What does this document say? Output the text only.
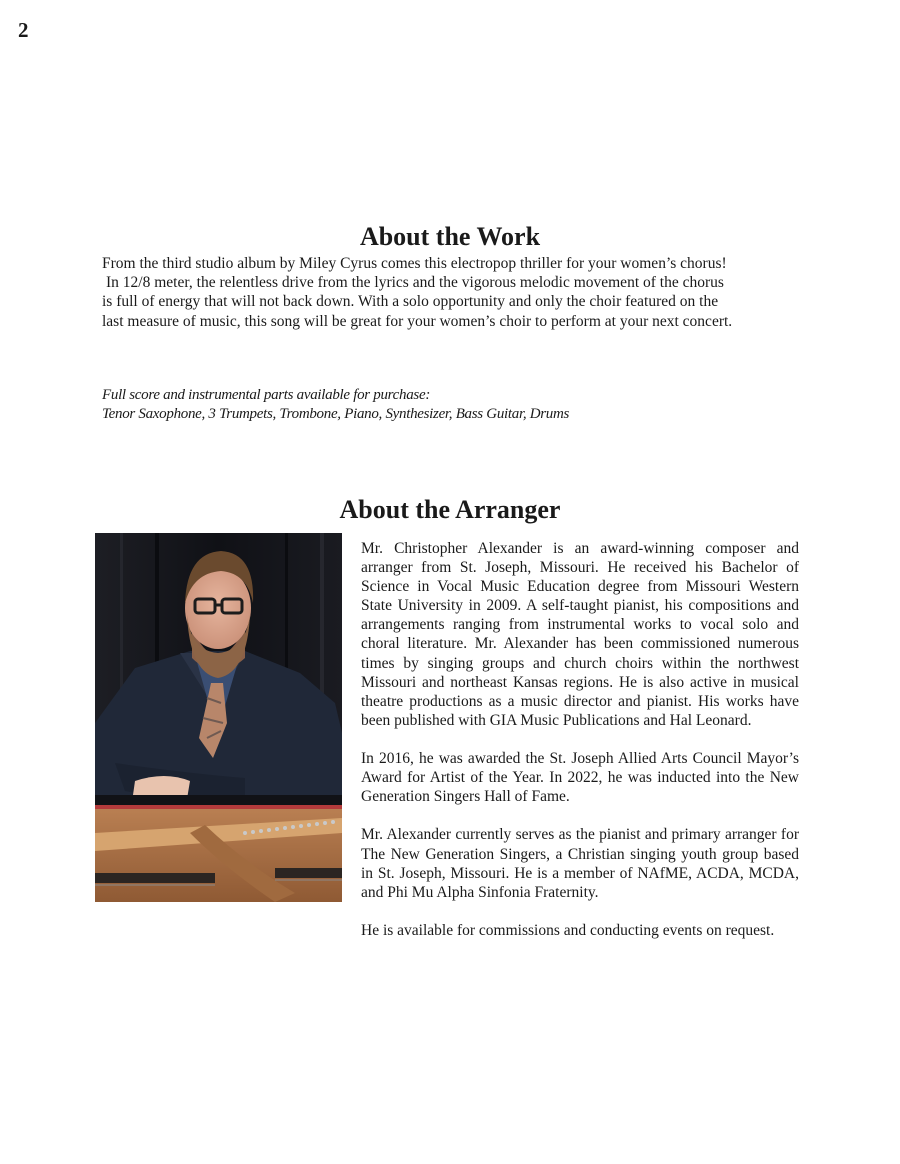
2
About the Work
From the third studio album by Miley Cyrus comes this electropop thriller for your women’s chorus!
In 12/8 meter, the relentless drive from the lyrics and the vigorous melodic movement of the chorus
is full of energy that will not back down. With a solo opportunity and only the choir featured on the
last measure of music, this song will be great for your women’s choir to perform at your next concert.
Full score and instrumental parts available for purchase:
Tenor Saxophone, 3 Trumpets, Trombone, Piano, Synthesizer, Bass Guitar, Drums
About the Arranger

Mr. Christopher Alexander is an award-winning composer and arranger from St. Joseph, Missouri. He received his Bachelor of Science in Vocal Music Education degree from Missouri Western State University in 2009. A self-taught pianist, his compositions and arrangements ranging from instrumental works to vocal solo and choral literature. Mr. Alexander has been commissioned numerous times by singing groups and church choirs within the northwest Missouri and northeast Kansas regions. He is also active in musical theatre productions as a music director and pianist. His works have been published with GIA Music Publications and Hal Leonard.

In 2016, he was awarded the St. Joseph Allied Arts Council Mayor’s Award for Artist of the Year. In 2022, he was inducted into the New Generation Singers Hall of Fame.

Mr. Alexander currently serves as the pianist and primary arranger for The New Generation Singers, a Christian singing youth group based in St. Joseph, Missouri. He is a member of NAfME, ACDA, MCDA, and Phi Mu Alpha Sinfonia Fraternity.

He is available for commissions and conducting events on request.
